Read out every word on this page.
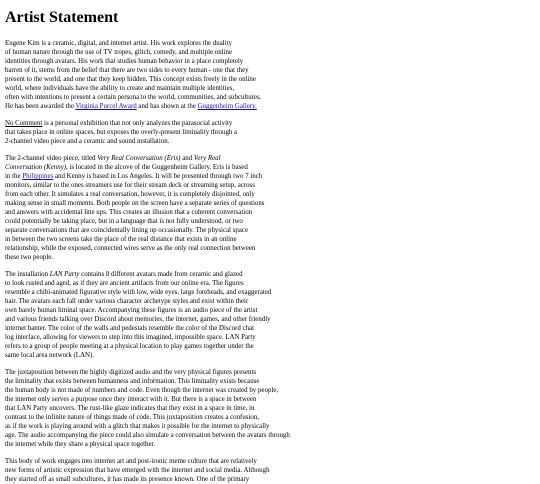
Artist Statement

Eugene Kim is a ceramic, digital, and internet artist. His work explores the duality
of human nature through the use of TV tropes, glitch, comedy, and multiple online
identities through avatars. His work that studies human behavior in a place completely
barren of it, stems from the belief that there are two sides to every human - one that they
present to the world, and one that they keep hidden. This concept exists freely in the online
world, where individuals have the ability to create and maintain multiple identities,
often with intentions to present a certain persona to the world, communities, and subcultures.
He has been awarded the Virginia Purcel Award and has shown at the Guggenheim Gallery.

No Comment is a personal exhibition that not only analyzes the parasocial activity
that takes place in online spaces, but exposes the overly-present liminality through a
2-channel video piece and a ceramic and sound installation.

The 2-channel video piece, titled Very Real Conversation (Eris) and Very Real
Conversation (Kenny), is located in the alcove of the Guggenheim Gallery. Eris is based
in the Philippines and Kenny is based in Los Angeles. It will be presented through two 7 inch
monitors, similar to the ones streamers use for their stream deck or streaming setup, across
from each other. It simulates a real conversation, however, it is completely disjointed, only
making sense in small moments. Both people on the screen have a separate series of questions
and answers with accidental line ups. This creates an illusion that a coherent conversation
could potentially be taking place, but in a language that is not fully understood, or two
separate conversations that are coincidentally lining up occasionally. The physical space
in between the two screens take the place of the real distance that exists in an online
relationship, while the exposed, connected wires serve as the only real connection between
these two people.

The installation LAN Party contains 8 different avatars made from ceramic and glazed
to look rusted and aged, as if they are ancient artifacts from our online era. The figures
resemble a chibi-animated figurative style with low, wide eyes, large foreheads, and exaggerated
hair. The avatars each fall under various character archetype styles and exist within their
own barely human liminal space. Accompanying these figures is an audio piece of the artist
and various friends talking over Discord about memories, the internet, games, and other friendly
internet banter. The color of the walls and pedestals resemble the color of the Discord chat
log interface, allowing for viewers to step into this imagined, impossible space. LAN Party
refers to a group of people meeting at a physical location to play games together under the
same local area network (LAN).

The juxtaposition between the highly digitized audio and the very physical figures presents
the liminality that exists between humanness and information. This liminality exists because
the human body is not made of numbers and code. Even though the internet was created by people,
the internet only serves a purpose once they interact with it. But there is a space in between
that LAN Party uncovers. The rust-like glaze indicates that they exist in a space in time, in
contrast to the infinite nature of things made of code. This juxtaposition creates a confusion,
as if the work is playing around with a glitch that makes it possible for the internet to physically
age. The audio accompanying the piece could also simulate a conversation between the avatars through
the internet while they share a physical space together.

This body of work engages into internet art and post-ironic meme culture that are relatively
new forms of artistic expression that have emerged with the internet and social media. Although
they started off as small subcultures, it has made its presence known. One of the primary
